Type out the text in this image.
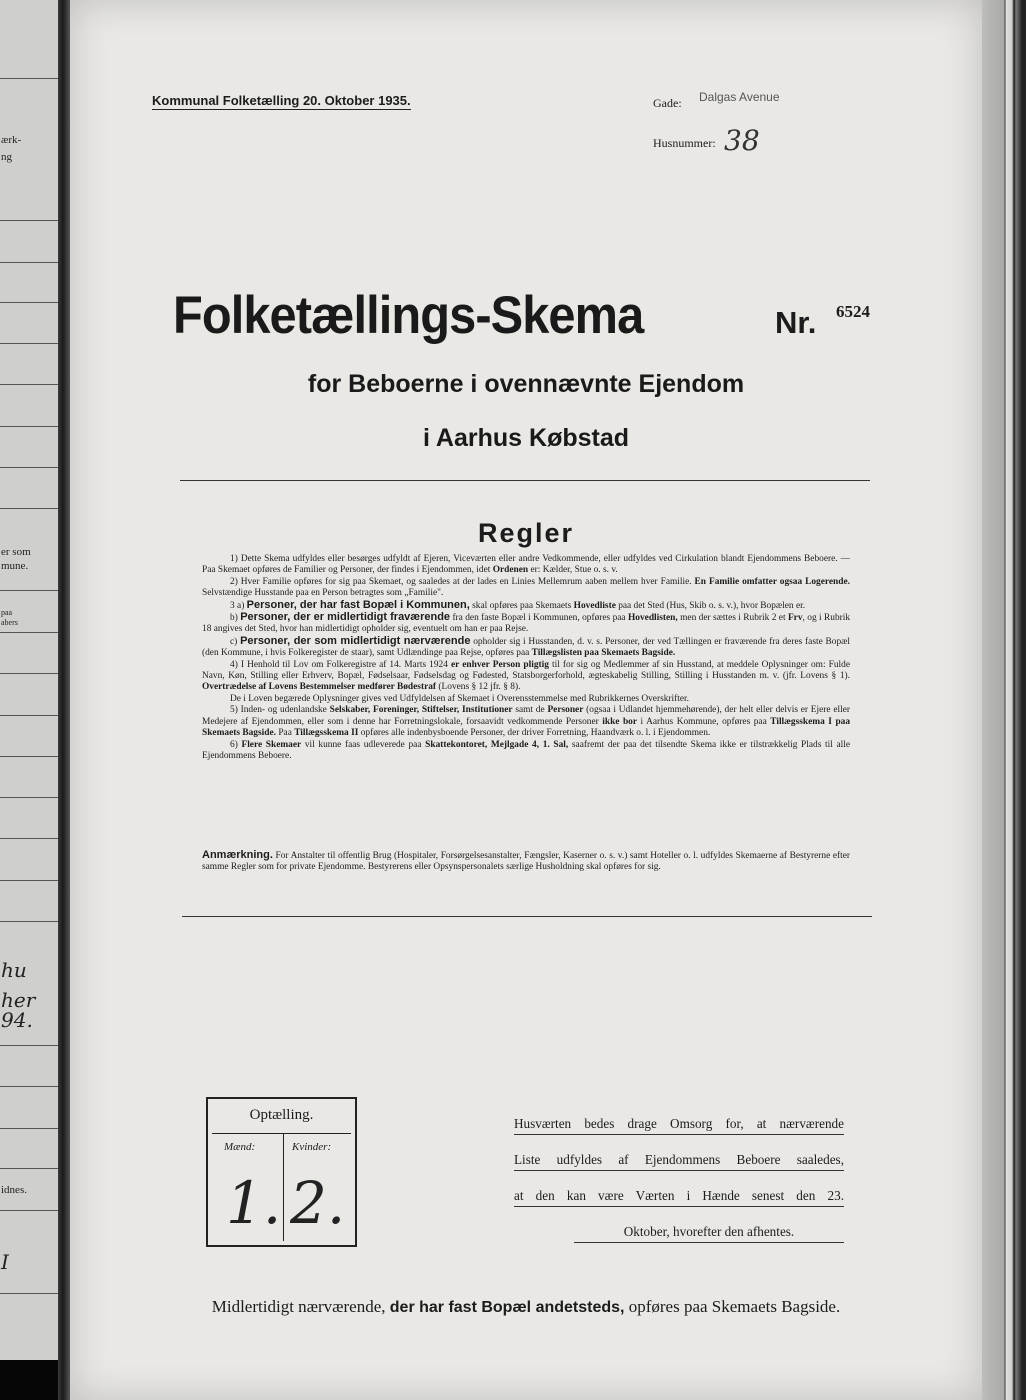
ærk-
ng
er som
mune.
paa
abers
hu
her
94.
idnes.
I
Kommunal Folketælling 20. Oktober 1935.	Gade: Dalgas Avenue
Husnummer: 38
Folketællings-Skema	Nr. 6524
for Beboerne i ovennævnte Ejendom
i Aarhus Købstad
Regler

1) Dette Skema udfyldes eller besørges udfyldt af Ejeren, Viceværten eller andre Vedkommende, eller udfyldes ved Cirkulation blandt Ejendommens Beboere. — Paa Skemaet opføres de Familier og Personer, der findes i Ejendommen, idet Ordenen er: Kælder, Stue o. s. v.

2) Hver Familie opføres for sig paa Skemaet, og saaledes at der lades en Linies Mellemrum aaben mellem hver Familie. En Familie omfatter ogsaa Logerende. Selvstændige Husstande paa en Person betragtes som „Familie".

3 a) Personer, der har fast Bopæl i Kommunen, skal opføres paa Skemaets Hovedliste paa det Sted (Hus, Skib o. s. v.), hvor Bopælen er.

b) Personer, der er midlertidigt fraværende fra den faste Bopæl i Kommunen, opføres paa Hovedlisten, men der sættes i Rubrik 2 et Frv, og i Rubrik 18 angives det Sted, hvor han midlertidigt opholder sig, eventuelt om han er paa Rejse.

c) Personer, der som midlertidigt nærværende opholder sig i Husstanden, d. v. s. Personer, der ved Tællingen er fraværende fra deres faste Bopæl (den Kommune, i hvis Folkeregister de staar), samt Udlændinge paa Rejse, opføres paa Tillægslisten paa Skemaets Bagside.

4) I Henhold til Lov om Folkeregistre af 14. Marts 1924 er enhver Person pligtig til for sig og Medlemmer af sin Husstand, at meddele Oplysninger om: Fulde Navn, Køn, Stilling eller Erhverv, Bopæl, Fødselsaar, Fødselsdag og Fødested, Statsborgerforhold, ægteskabelig Stilling, Stilling i Husstanden m. v. (jfr. Lovens § 1). Overtrædelse af Lovens Bestemmelser medfører Bødestraf (Lovens § 12 jfr. § 8).

De i Loven begærede Oplysninger gives ved Udfyldelsen af Skemaet i Overensstemmelse med Rubrikkernes Overskrifter.

5) Inden- og udenlandske Selskaber, Foreninger, Stiftelser, Institutioner samt de Personer (ogsaa i Udlandet hjemmehørende), der helt eller delvis er Ejere eller Medejere af Ejendommen, eller som i denne har Forretningslokale, forsaavidt vedkommende Personer ikke bor i Aarhus Kommune, opføres paa Tillægsskema I paa Skemaets Bagside. Paa Tillægsskema II opføres alle indenbysboende Personer, der driver Forretning, Haandværk o. l. i Ejendommen.

6) Flere Skemaer vil kunne faas udleverede paa Skattekontoret, Mejlgade 4, 1. Sal, saafremt der paa det tilsendte Skema ikke er tilstrækkelig Plads til alle Ejendommens Beboere.

Anmærkning. For Anstalter til offentlig Brug (Hospitaler, Forsørgelsesanstalter, Fængsler, Kaserner o. s. v.) samt Hoteller o. l. udfyldes Skemaerne af Bestyrerne efter samme Regler som for private Ejendomme. Bestyrerens eller Opsynspersonalets særlige Husholdning skal opføres for sig.
Optælling.
Mænd:	Kvinder:
1. 2.
Husværten bedes drage Omsorg for, at nærværende
Liste udfyldes af Ejendommens Beboere saaledes,
at den kan være Værten i Hænde senest den 23.
Oktober, hvorefter den afhentes.
Midlertidigt nærværende, der har fast Bopæl andetsteds, opføres paa Skemaets Bagside.
